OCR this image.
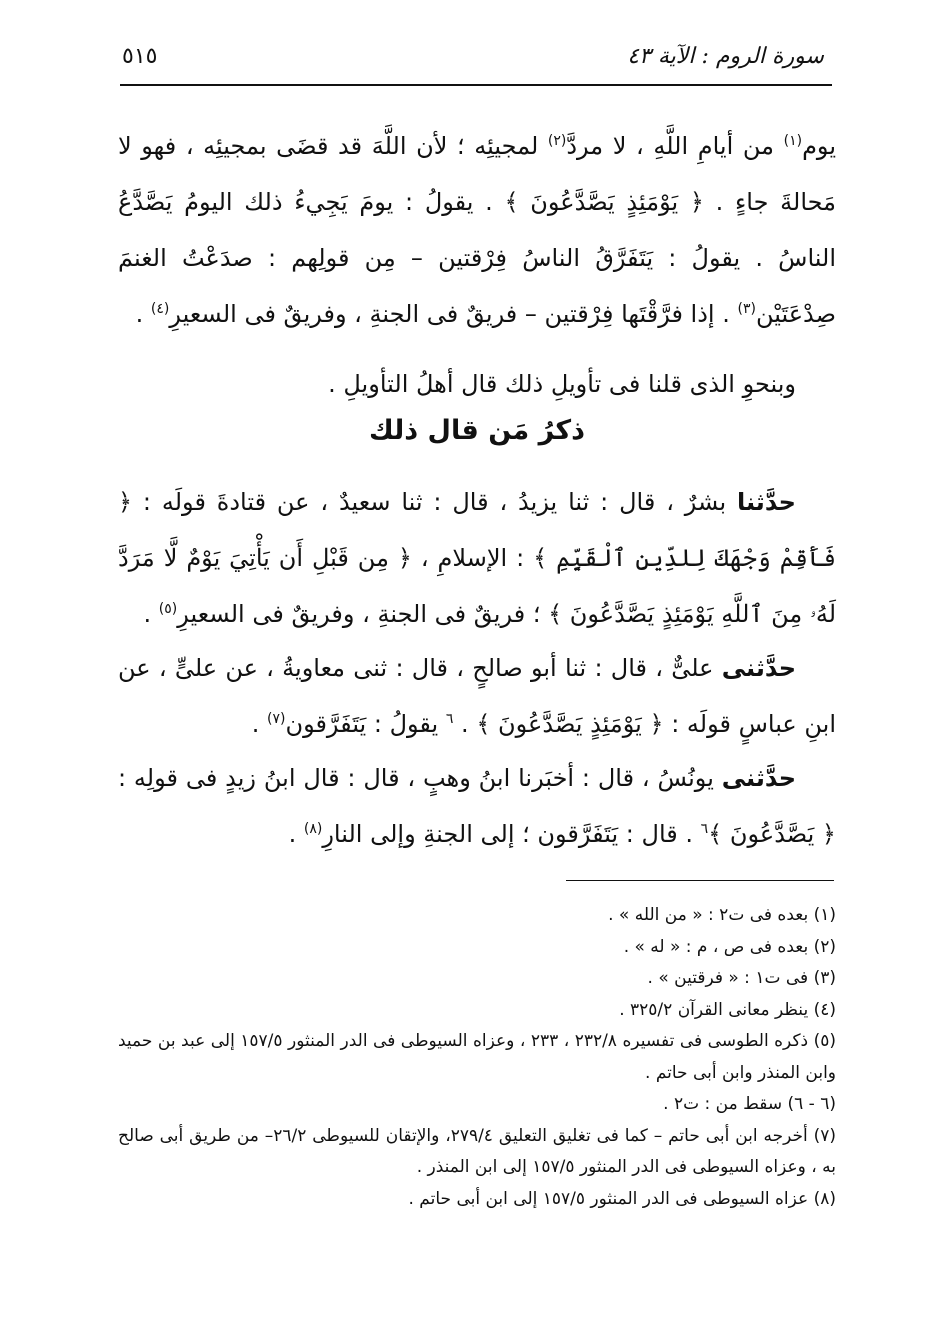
٥١٥	سورة الروم : الآية ٤٣

يوم$^{(١)}$ من أيامِ اللَّهِ ، لا مردَّ$^{(٢)}$ لمجيئِه ؛ لأن اللَّهَ قد قضَى بمجيئِه ، فهو لا مَحالةَ جاءٍ . ﴿ يَوْمَئِذٍ يَصَّدَّعُونَ ﴾ . يقولُ : يومَ يَجِيءُ ذلك اليومُ يَصَّدَّعُ الناسُ . يقولُ : يَتَفَرَّقُ الناسُ فِرْقتين – مِن قولِهم : صدَعْتُ الغنمَ صِدْعَتَيْن$^{(٣)}$ . إذا فرَّقْتَها فِرْقتين – فريقٌ فى الجنةِ ، وفريقٌ فى السعيرِ$^{(٤)}$ .

وبنحوِ الذى قلنا فى تأويلِ ذلك قال أهلُ التأويلِ .

ذكرُ مَن قال ذلك

حدَّثنا بشرٌ ، قال : ثنا يزيدُ ، قال : ثنا سعيدٌ ، عن قتادةَ قولَه : ﴿ فَأَقِمْ وَجْهَكَ لِلدِّينِ ٱلْقَيِّمِ ﴾ : الإسلامِ ، ﴿ مِن قَبْلِ أَن يَأْتِيَ يَوْمٌ لَّا مَرَدَّ لَهُۥ مِنَ ٱللَّهِ يَوْمَئِذٍ يَصَّدَّعُونَ ﴾ ؛ فريقٌ فى الجنةِ ، وفريقٌ فى السعيرِ$^{(٥)}$ .

حدَّثنى علىٌّ ، قال : ثنا أبو صالحٍ ، قال : ثنى معاويةُ ، عن علىٍّ ، عن ابنِ عباسٍ قولَه : ﴿ يَوْمَئِذٍ يَصَّدَّعُونَ ﴾ . $^٦$ يقولُ : يَتَفَرَّقون$^{(٧)}$ .

حدَّثنى يونُسُ ، قال : أخبَرنا ابنُ وهبٍ ، قال : قال ابنُ زيدٍ فى قولِه : ﴿ يَصَّدَّعُونَ ﴾$^٦$ . قال : يَتَفَرَّقون ؛ إلى الجنةِ وإلى النارِ$^{(٨)}$ .

(١) بعده فى ت٢ : « من الله » .
(٢) بعده فى ص ، م : « له » .
(٣) فى ت١ : « فرقتين » .
(٤) ينظر معانى القرآن ٣٢٥/٢ .
(٥) ذكره الطوسى فى تفسيره ٢٣٢/٨ ، ٢٣٣ ، وعزاه السيوطى فى الدر المنثور ١٥٧/٥ إلى عبد بن حميد وابن المنذر وابن أبى حاتم .
(٦ - ٦) سقط من : ت٢ .
(٧) أخرجه ابن أبى حاتم – كما فى تغليق التعليق ٢٧٩/٤، والإتقان للسيوطى ٢٦/٢– من طريق أبى صالح به ، وعزاه السيوطى فى الدر المنثور ١٥٧/٥ إلى ابن المنذر .
(٨) عزاه السيوطى فى الدر المنثور ١٥٧/٥ إلى ابن أبى حاتم .
